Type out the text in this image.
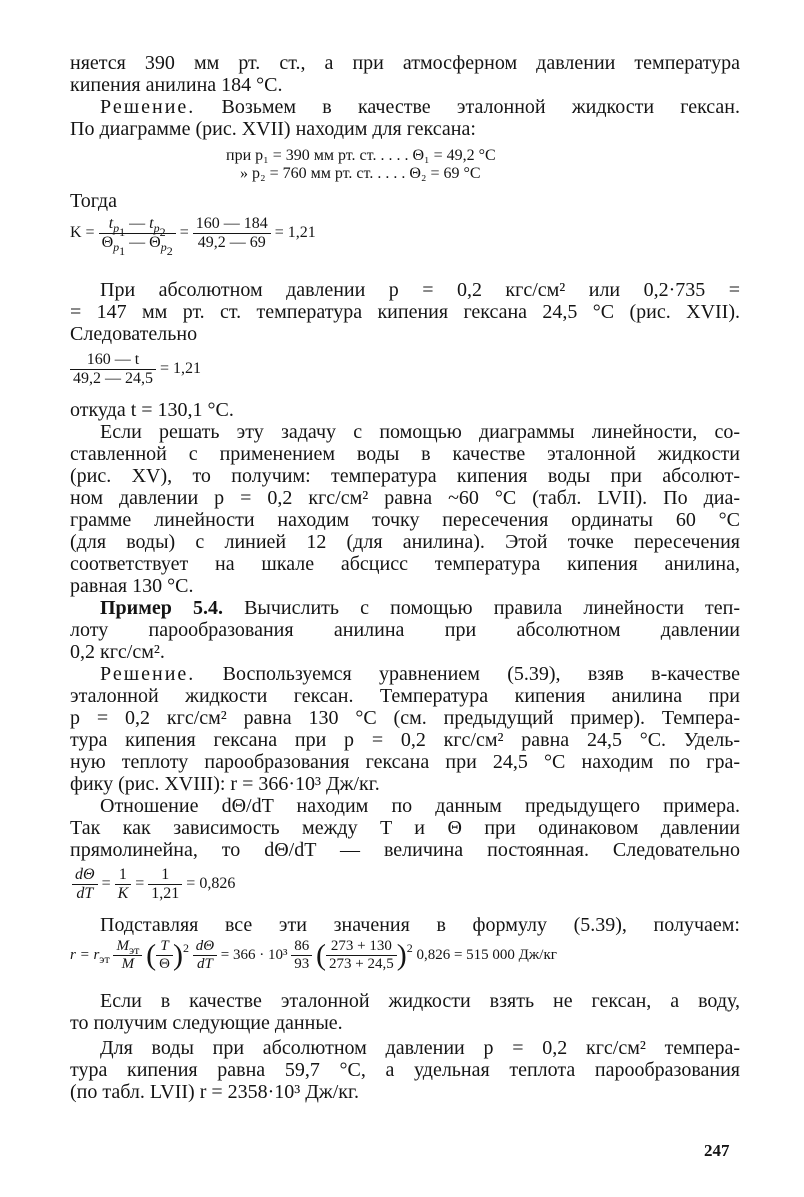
няется 390 мм рт. ст., а при атмосферном давлении температура
кипения анилина 184 °С.
Решение. Возьмем в качестве эталонной жидкости гексан.
По диаграмме (рис. XVII) находим для гексана:
при p₁ = 390 мм рт. ст. . . . . Θ₁ = 49,2 °С
» p₂ = 760 мм рт. ст. . . . . Θ₂ = 69 °С
Тогда
$K = \frac{t_{p_1} — t_{p_2}}{\Theta_{p_1} — \Theta_{p_2}} = \frac{160 — 184}{49,2 — 69} = 1,21$
При абсолютном давлении p = 0,2 кгс/см² или 0,2·735 =
= 147 мм рт. ст. температура кипения гексана 24,5 °С (рис. XVII).
Следовательно
$\frac{160 — t}{49,2 — 24,5} = 1,21$
откуда t = 130,1 °С.
Если решать эту задачу с помощью диаграммы линейности, со-
ставленной с применением воды в качестве эталонной жидкости
(рис. XV), то получим: температура кипения воды при абсолют-
ном давлении p = 0,2 кгс/см² равна ~60 °С (табл. LVII). По диа-
грамме линейности находим точку пересечения ординаты 60 °С
(для воды) с линией 12 (для анилина). Этой точке пересечения
соответствует на шкале абсцисс температура кипения анилина,
равная 130 °С.
Пример 5.4. Вычислить с помощью правила линейности теп-
лоту парообразования анилина при абсолютном давлении
0,2 кгс/см².
Решение. Воспользуемся уравнением (5.39), взяв в-качестве
эталонной жидкости гексан. Температура кипения анилина при
p = 0,2 кгс/см² равна 130 °С (см. предыдущий пример). Темпера-
тура кипения гексана при p = 0,2 кгс/см² равна 24,5 °С. Удель-
ную теплоту парообразования гексана при 24,5 °С находим по гра-
фику (рис. XVIII): r = 366·10³ Дж/кг.
Отношение dΘ/dT находим по данным предыдущего примера.
Так как зависимость между T и Θ при одинаковом давлении
прямолинейна, то dΘ/dT — величина постоянная. Следовательно
$\frac{d\Theta}{dT} = \frac{1}{K} = \frac{1}{1,21} = 0,826$
Подставляя все эти значения в формулу (5.39), получаем:
$r = r_{эт} \frac{M_{эт}}{M}$ ( $\frac{T}{\Theta} )^2 \frac{d\Theta}{dT} = 366 \cdot 10^3 \frac{86}{93}$ ( $\frac{273 + 130}{273 + 24,5} )^2$ 0,826 = 515 000 Дж/кг
Если в качестве эталонной жидкости взять не гексан, а воду,
то получим следующие данные.
Для воды при абсолютном давлении p = 0,2 кгс/см² темпера-
тура кипения равна 59,7 °С, а удельная теплота парообразования
(по табл. LVII) r = 2358·10³ Дж/кг.
247
